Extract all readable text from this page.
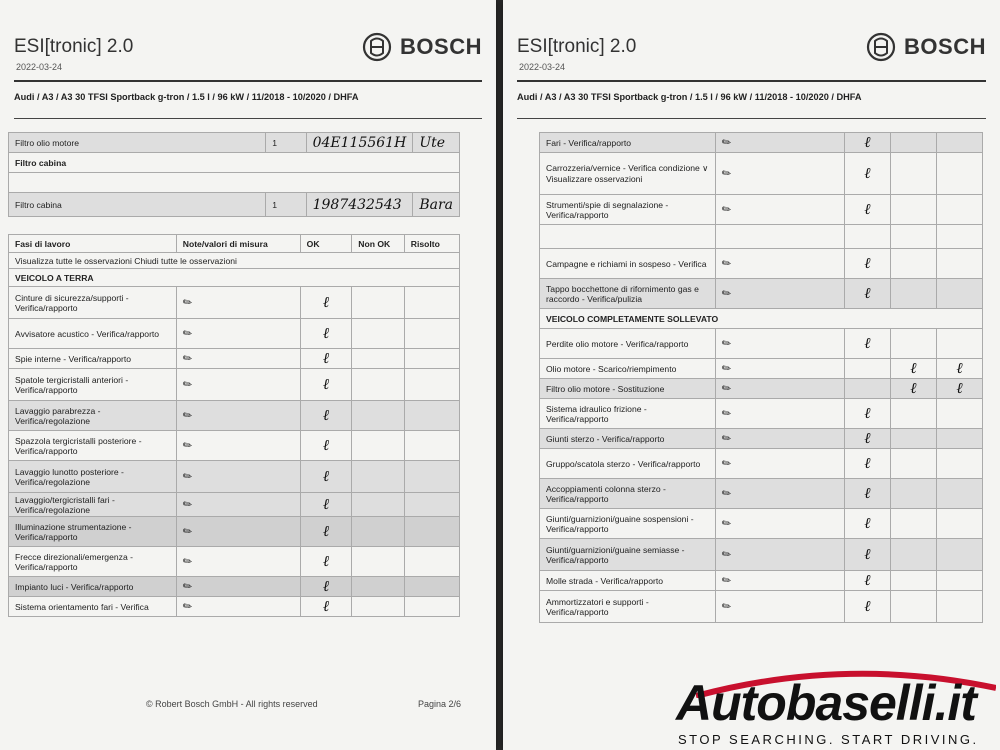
ESI[tronic] 2.0
2022-03-24
BOSCH
Audi / A3 / A3 30 TFSI Sportback g-tron / 1.5 l / 96 kW / 11/2018 - 10/2020 / DHFA
Filtro olio motore	1	04E115561H	Ute
Filtro cabina			

Filtro cabina	1	1987432543	Bara
Fasi di lavoro	Note/valori di misura	OK	Non OK	Risolto
Visualizza tutte le osservazioni Chiudi tutte le osservazioni				
VEICOLO A TERRA				
Cinture di sicurezza/supporti - Verifica/rapporto	✎	ℓ		
Avvisatore acustico - Verifica/rapporto	✎	ℓ		
Spie interne - Verifica/rapporto	✎	ℓ		
Spatole tergicristalli anteriori - Verifica/rapporto	✎	ℓ		
Lavaggio parabrezza - Verifica/regolazione	✎	ℓ		
Spazzola tergicristalli posteriore - Verifica/rapporto	✎	ℓ		
Lavaggio lunotto posteriore - Verifica/regolazione	✎	ℓ		
Lavaggio/tergicristalli fari - Verifica/regolazione	✎	ℓ		
Illuminazione strumentazione - Verifica/rapporto	✎	ℓ		
Frecce direzionali/emergenza - Verifica/rapporto	✎	ℓ		
Impianto luci - Verifica/rapporto	✎	ℓ		
Sistema orientamento fari - Verifica	✎	ℓ		
© Robert Bosch GmbH - All rights reserved	Pagina 2/6
ESI[tronic] 2.0
2022-03-24
BOSCH
Audi / A3 / A3 30 TFSI Sportback g-tron / 1.5 l / 96 kW / 11/2018 - 10/2020 / DHFA
Fari - Verifica/rapporto	✎	ℓ		
Carrozzeria/vernice - Verifica condizione ∨ Visualizzare osservazioni	✎	ℓ		
Strumenti/spie di segnalazione - Verifica/rapporto	✎	ℓ		

Campagne e richiami in sospeso - Verifica	✎	ℓ		
Tappo bocchettone di rifornimento gas e raccordo - Verifica/pulizia	✎	ℓ		
VEICOLO COMPLETAMENTE SOLLEVATO				
Perdite olio motore - Verifica/rapporto	✎	ℓ		
Olio motore - Scarico/riempimento	✎		ℓ	ℓ
Filtro olio motore - Sostituzione	✎		ℓ	ℓ
Sistema idraulico frizione - Verifica/rapporto	✎	ℓ		
Giunti sterzo - Verifica/rapporto	✎	ℓ		
Gruppo/scatola sterzo - Verifica/rapporto	✎	ℓ		
Accoppiamenti colonna sterzo - Verifica/rapporto	✎	ℓ		
Giunti/guarnizioni/guaine sospensioni - Verifica/rapporto	✎	ℓ		
Giunti/guarnizioni/guaine semiasse - Verifica/rapporto	✎	ℓ		
Molle strada - Verifica/rapporto	✎	ℓ		
Ammortizzatori e supporti - Verifica/rapporto	✎	ℓ		
Autobaselli.it
STOP SEARCHING. START DRIVING.
